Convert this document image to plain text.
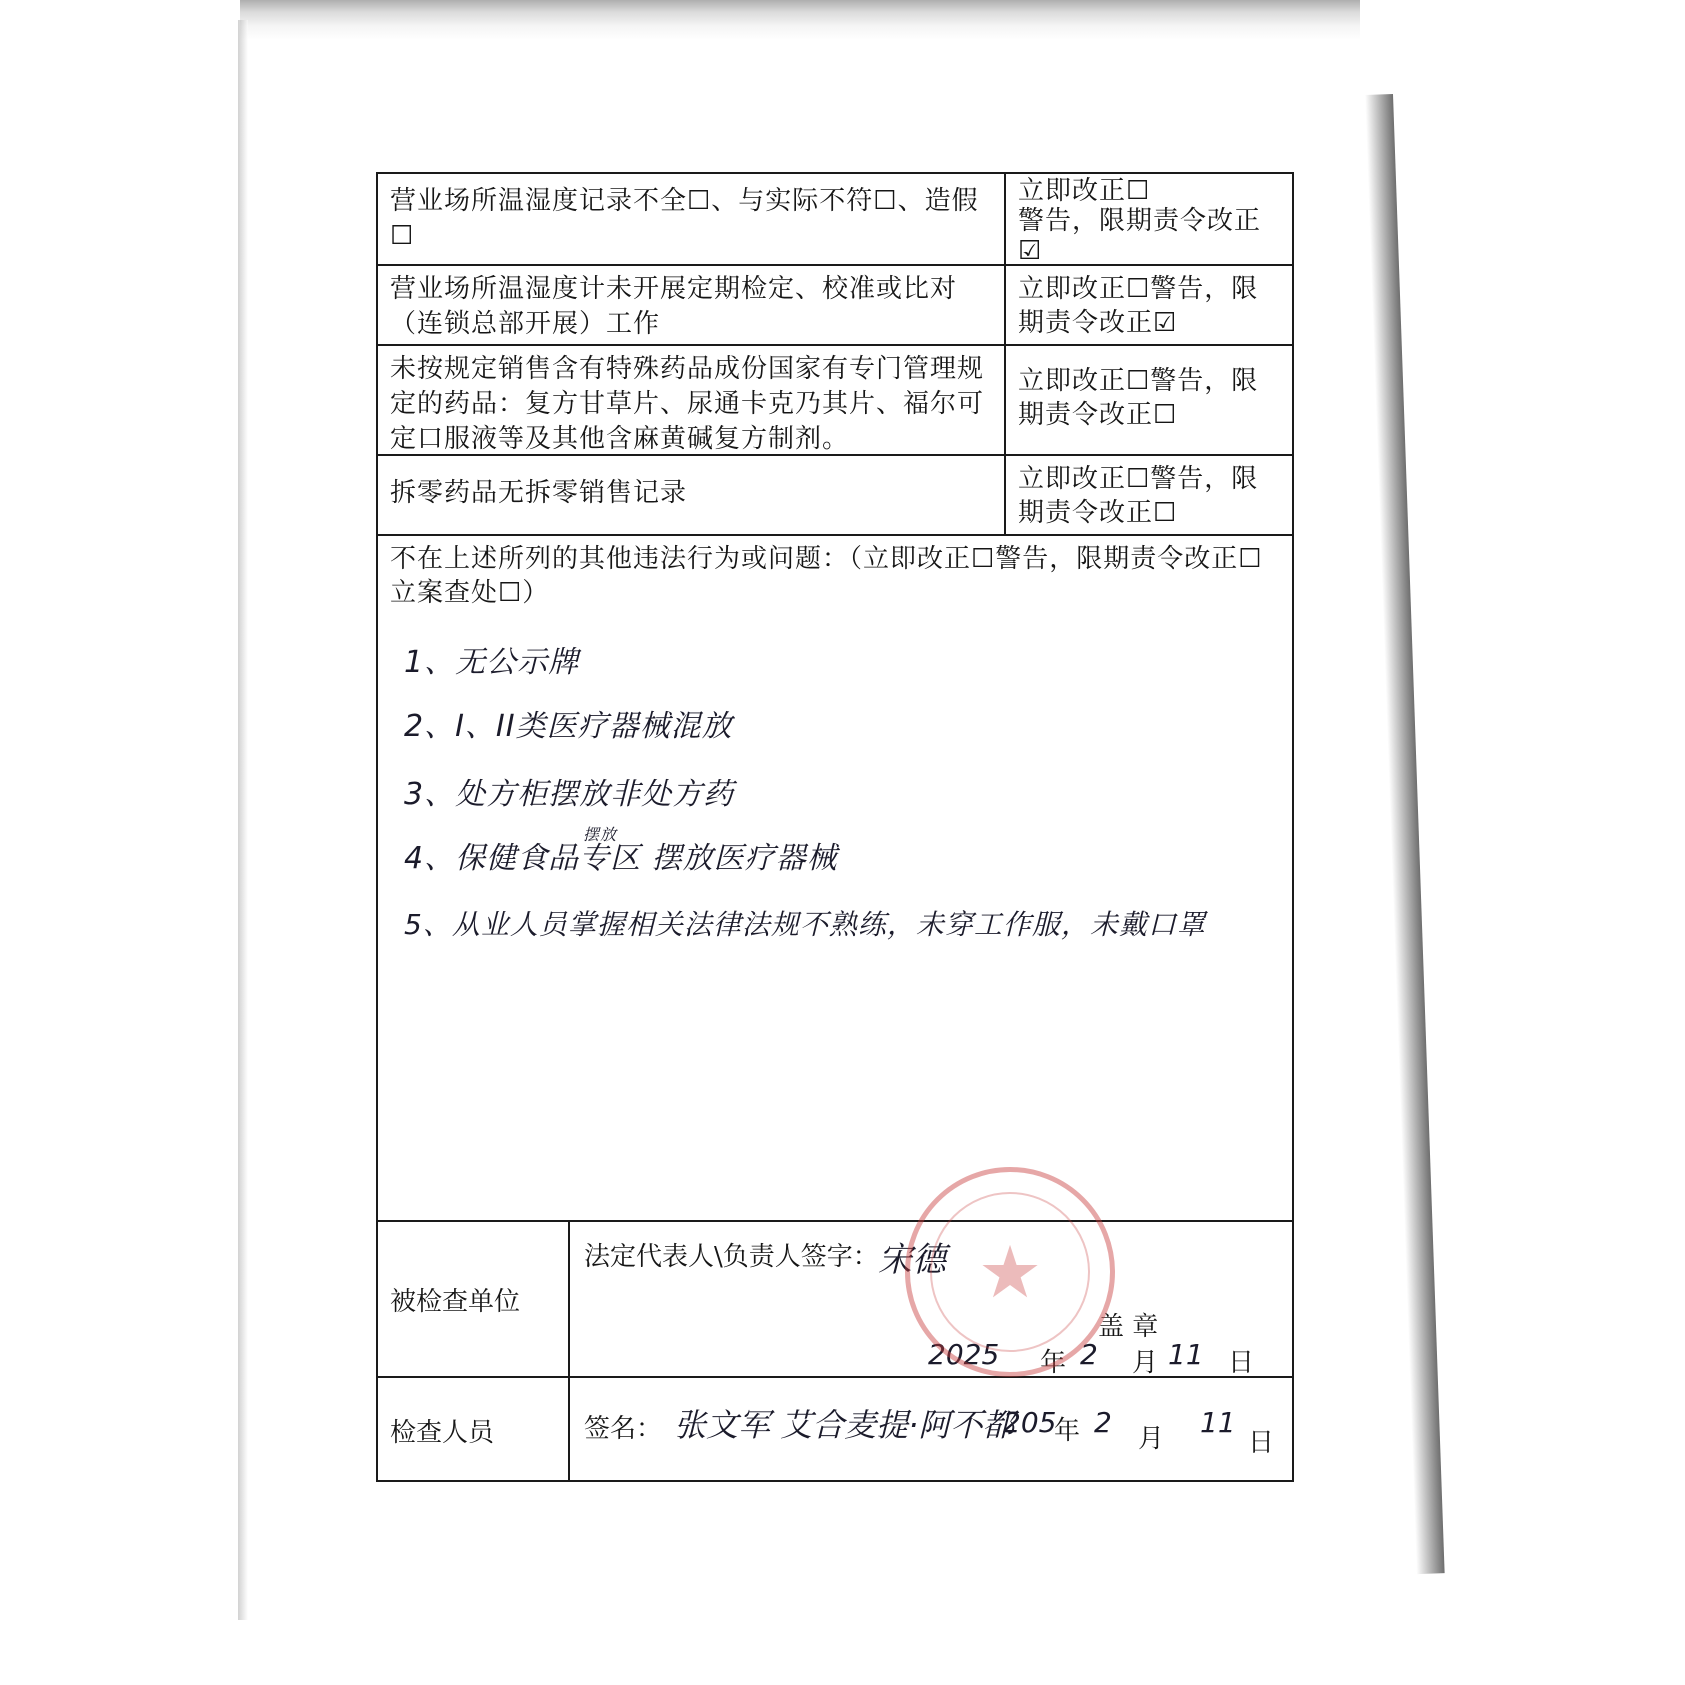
营业场所温湿度记录不全☐、与实际不符☐、造假☐
立即改正☐
警告，限期责令改正
☑
营业场所温湿度计未开展定期检定、校准或比对（连锁总部开展）工作
立即改正☐警告，限期责令改正☑
未按规定销售含有特殊药品成份国家有专门管理规定的药品：复方甘草片、尿通卡克乃其片、福尔可定口服液等及其他含麻黄碱复方制剂。
立即改正☐警告，限期责令改正☐
拆零药品无拆零销售记录	立即改正☐警告，限期责令改正☐
不在上述所列的其他违法行为或问题：（立即改正☐警告，限期责令改正☐立案查处☐）
1、无公示牌
2、I、II类医疗器械混放
3、处方柜摆放非处方药
摆放
4、保健食品专区 摆放医疗器械
5、从业人员掌握相关法律法规不熟练，未穿工作服，未戴口罩
被检查单位
法定代表人\负责人签字： 宋德
盖 章
2025 年 2 月 11 日
检查人员	签名： 张文军 艾合麦提·阿不都
205
年 2 月 11
日
★
